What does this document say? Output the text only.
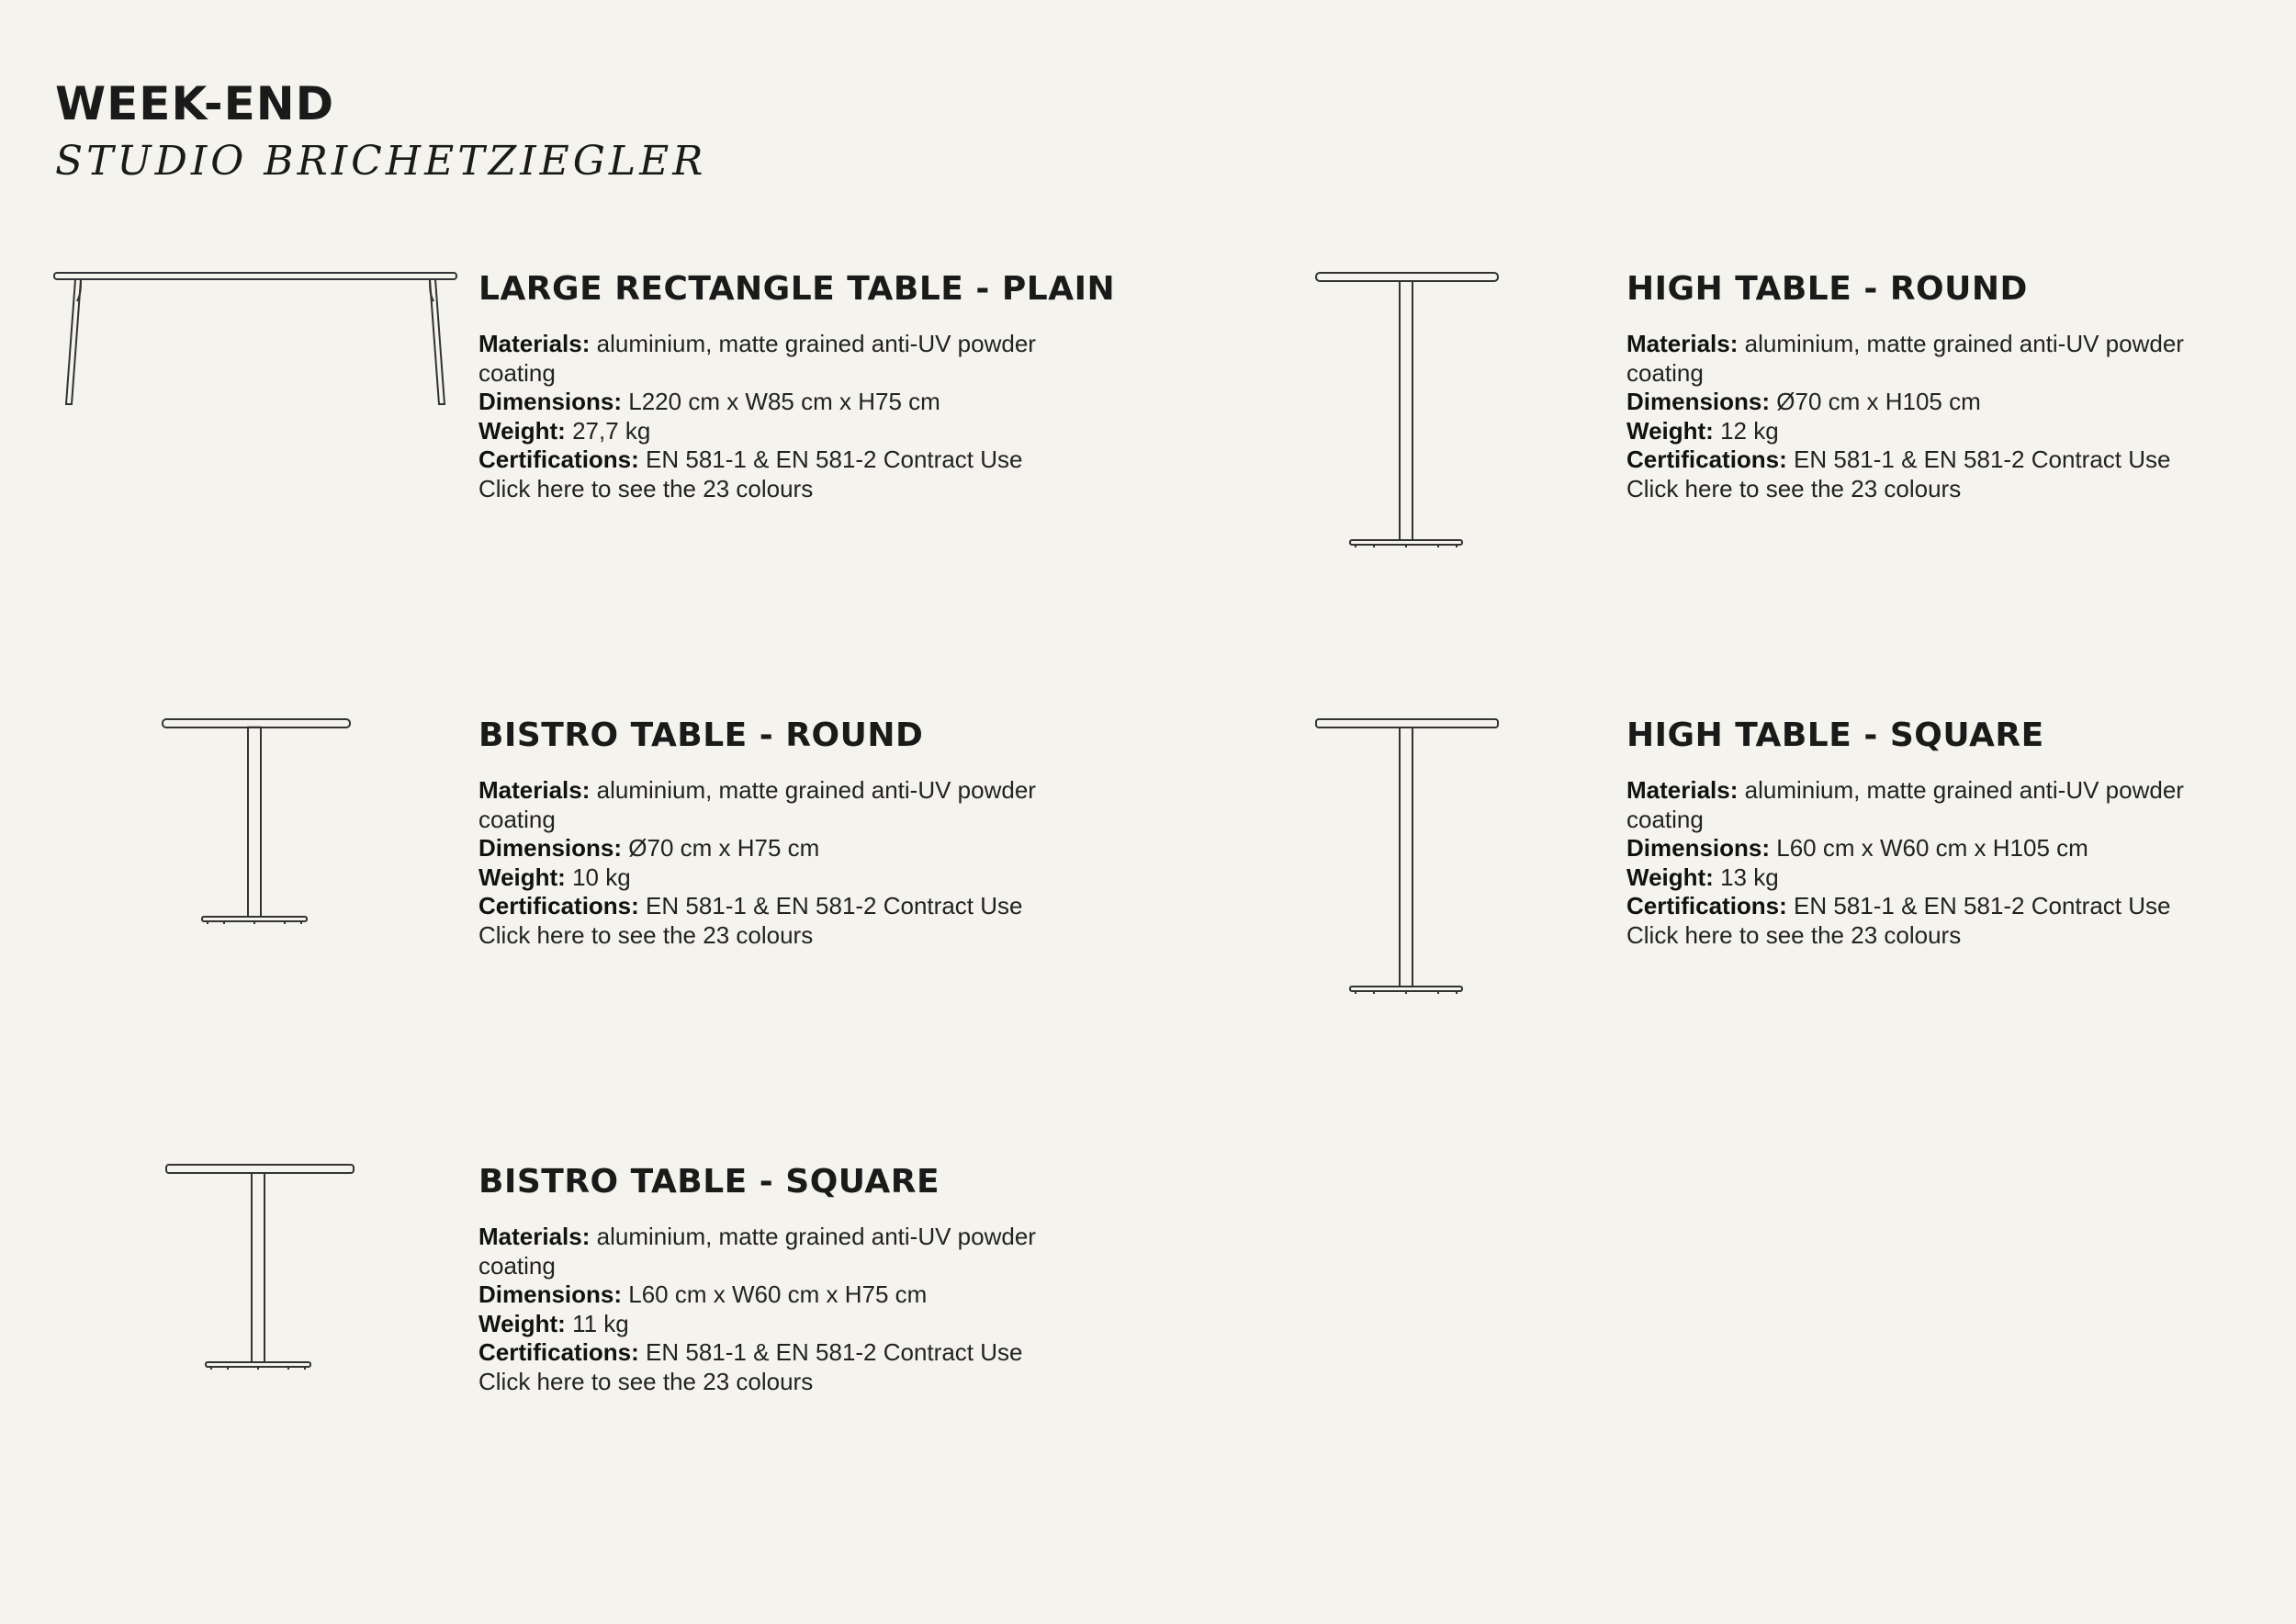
WEEK-END
STUDIO BRICHETZIEGLER
LARGE RECTANGLE TABLE - PLAIN
Materials: aluminium, matte grained anti-UV powder coating
Dimensions: L220 cm x W85 cm x H75 cm
Weight: 27,7 kg
Certifications: EN 581-1 & EN 581-2 Contract Use
Click here to see the 23 colours
HIGH TABLE - ROUND
Materials: aluminium, matte grained anti-UV powder coating
Dimensions: Ø70 cm x H105 cm
Weight: 12 kg
Certifications: EN 581-1 & EN 581-2 Contract Use
Click here to see the 23 colours
BISTRO TABLE - ROUND
Materials: aluminium, matte grained anti-UV powder coating
Dimensions: Ø70 cm x H75 cm
Weight: 10 kg
Certifications: EN 581-1 & EN 581-2 Contract Use
Click here to see the 23 colours
HIGH TABLE - SQUARE
Materials: aluminium, matte grained anti-UV powder coating
Dimensions: L60 cm x W60 cm x H105 cm
Weight: 13 kg
Certifications: EN 581-1 & EN 581-2 Contract Use
Click here to see the 23 colours
BISTRO TABLE - SQUARE
Materials: aluminium, matte grained anti-UV powder coating
Dimensions: L60 cm x W60 cm x H75 cm
Weight: 11 kg
Certifications: EN 581-1 & EN 581-2 Contract Use
Click here to see the 23 colours
